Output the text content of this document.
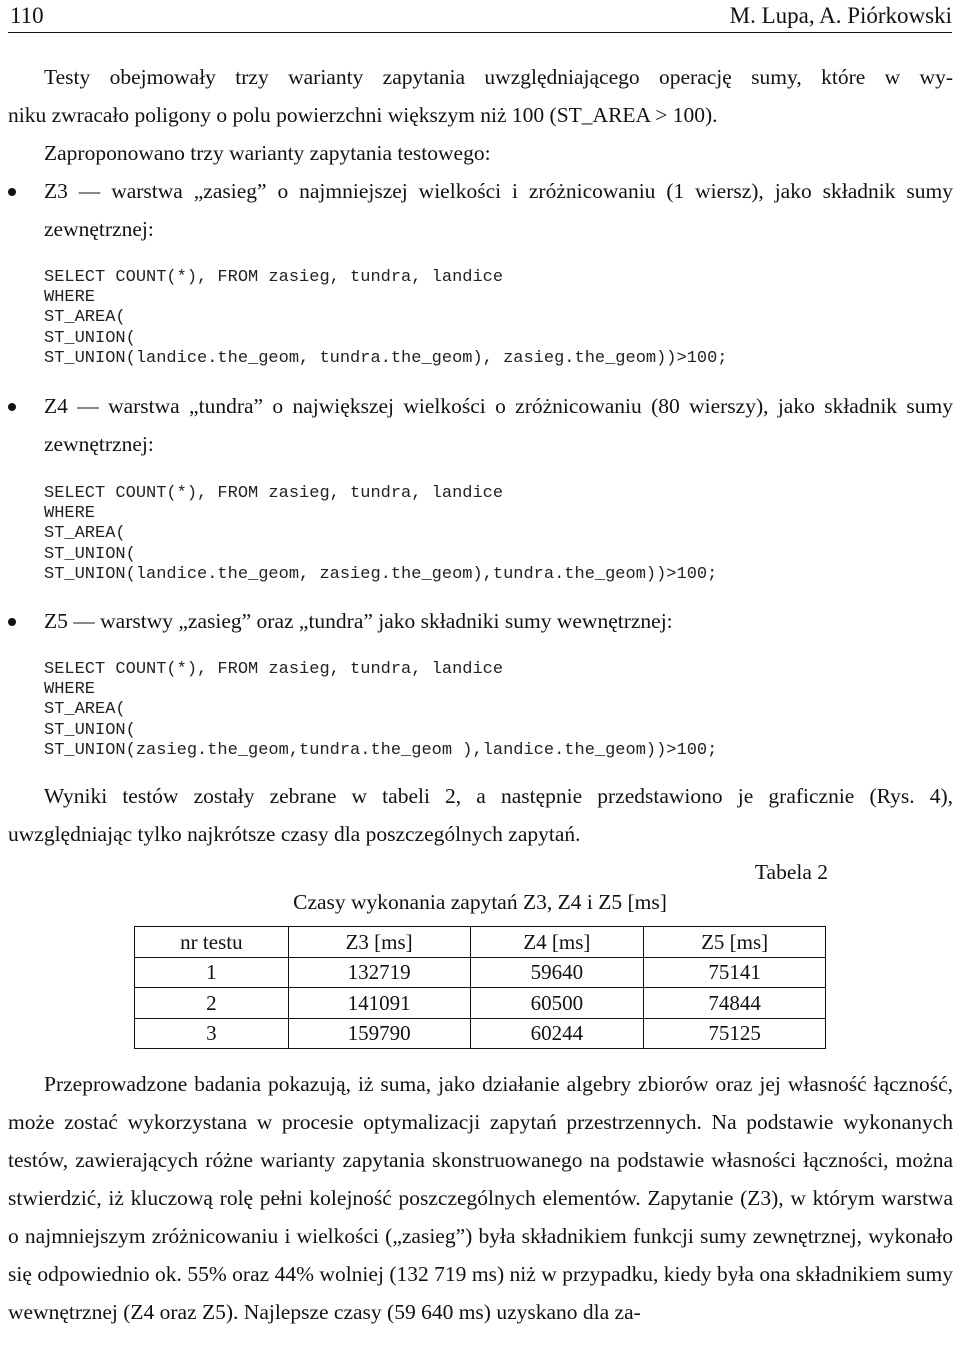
110	M. Lupa, A. Piórkowski
Testy obejmowały trzy warianty zapytania uwzględniającego operację sumy, które w wy-
niku zwracało poligony o polu powierzchni większym niż 100 (ST_AREA > 100).
Zaproponowano trzy warianty zapytania testowego:
Z3 ― warstwa „zasieg” o najmniejszej wielkości i zróżnicowaniu (1 wiersz), jako składnik sumy zewnętrznej:
SELECT COUNT(*), FROM zasieg, tundra, landice
WHERE
ST_AREA(
ST_UNION(
ST_UNION(landice.the_geom, tundra.the_geom), zasieg.the_geom))>100;
Z4 ― warstwa „tundra” o największej wielkości o zróżnicowaniu (80 wierszy), jako składnik sumy zewnętrznej:
SELECT COUNT(*), FROM zasieg, tundra, landice
WHERE
ST_AREA(
ST_UNION(
ST_UNION(landice.the_geom, zasieg.the_geom),tundra.the_geom))>100;
Z5 ― warstwy „zasieg” oraz „tundra” jako składniki sumy wewnętrznej:
SELECT COUNT(*), FROM zasieg, tundra, landice
WHERE
ST_AREA(
ST_UNION(
ST_UNION(zasieg.the_geom,tundra.the_geom ),landice.the_geom))>100;
Wyniki testów zostały zebrane w tabeli 2, a następnie przedstawiono je graficznie (Rys. 4), uwzględniając tylko najkrótsze czasy dla poszczególnych zapytań.
Tabela 2
Czasy wykonania zapytań Z3, Z4 i Z5 [ms]
nr testu	Z3 [ms]	Z4 [ms]	Z5 [ms]
1	132719	59640	75141
2	141091	60500	74844
3	159790	60244	75125
Przeprowadzone badania pokazują, iż suma, jako działanie algebry zbiorów oraz jej własność łączność, może zostać wykorzystana w procesie optymalizacji zapytań przestrzennych. Na podstawie wykonanych testów, zawierających różne warianty zapytania skonstruowanego na podstawie własności łączności, można stwierdzić, iż kluczową rolę pełni kolejność poszczególnych elementów. Zapytanie (Z3), w którym warstwa o najmniejszym zróżnicowaniu i wielkości („zasieg”) była składnikiem funkcji sumy zewnętrznej, wykonało się odpowiednio ok. 55% oraz 44% wolniej (132 719 ms) niż w przypadku, kiedy była ona składnikiem sumy wewnętrznej (Z4 oraz Z5). Najlepsze czasy (59 640 ms) uzyskano dla za-
